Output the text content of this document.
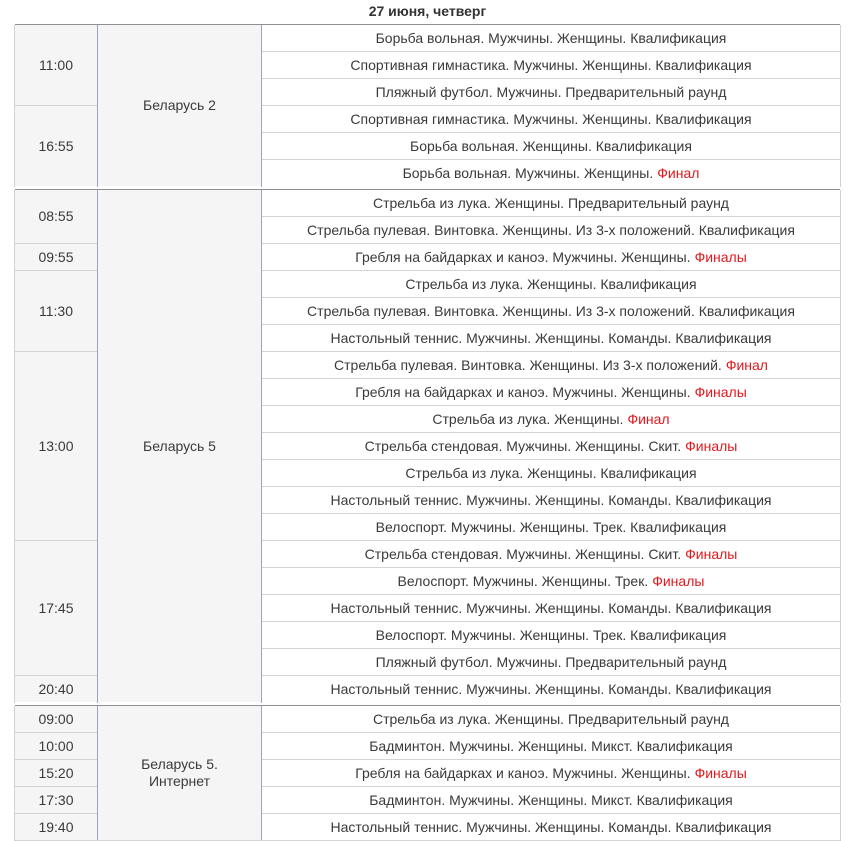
27 июня, четверг
Беларусь 2
11:00
16:55
Борьба вольная. Мужчины. Женщины. Квалификация
Спортивная гимнастика. Мужчины. Женщины. Квалификация
Пляжный футбол. Мужчины. Предварительный раунд
Спортивная гимнастика. Мужчины. Женщины. Квалификация
Борьба вольная. Женщины. Квалификация
Борьба вольная. Мужчины. Женщины. Финал
Беларусь 5
08:55
09:55
11:30
13:00
17:45
20:40
Стрельба из лука. Женщины. Предварительный раунд
Стрельба пулевая. Винтовка. Женщины. Из 3-х положений. Квалификация
Гребля на байдарках и каноэ. Мужчины. Женщины. Финалы
Стрельба из лука. Женщины. Квалификация
Стрельба пулевая. Винтовка. Женщины. Из 3-х положений. Квалификация
Настольный теннис. Мужчины. Женщины. Команды. Квалификация
Стрельба пулевая. Винтовка. Женщины. Из 3-х положений. Финал
Гребля на байдарках и каноэ. Мужчины. Женщины. Финалы
Стрельба из лука. Женщины. Финал
Стрельба стендовая. Мужчины. Женщины. Скит. Финалы
Стрельба из лука. Женщины. Квалификация
Настольный теннис. Мужчины. Женщины. Команды. Квалификация
Велоспорт. Мужчины. Женщины. Трек. Квалификация
Стрельба стендовая. Мужчины. Женщины. Скит. Финалы
Велоспорт. Мужчины. Женщины. Трек. Финалы
Настольный теннис. Мужчины. Женщины. Команды. Квалификация
Велоспорт. Мужчины. Женщины. Трек. Квалификация
Пляжный футбол. Мужчины. Предварительный раунд
Настольный теннис. Мужчины. Женщины. Команды. Квалификация
Беларусь 5.
Интернет
09:00
10:00
15:20
17:30
19:40
Стрельба из лука. Женщины. Предварительный раунд
Бадминтон. Мужчины. Женщины. Микст. Квалификация
Гребля на байдарках и каноэ. Мужчины. Женщины. Финалы
Бадминтон. Мужчины. Женщины. Микст. Квалификация
Настольный теннис. Мужчины. Женщины. Команды. Квалификация
